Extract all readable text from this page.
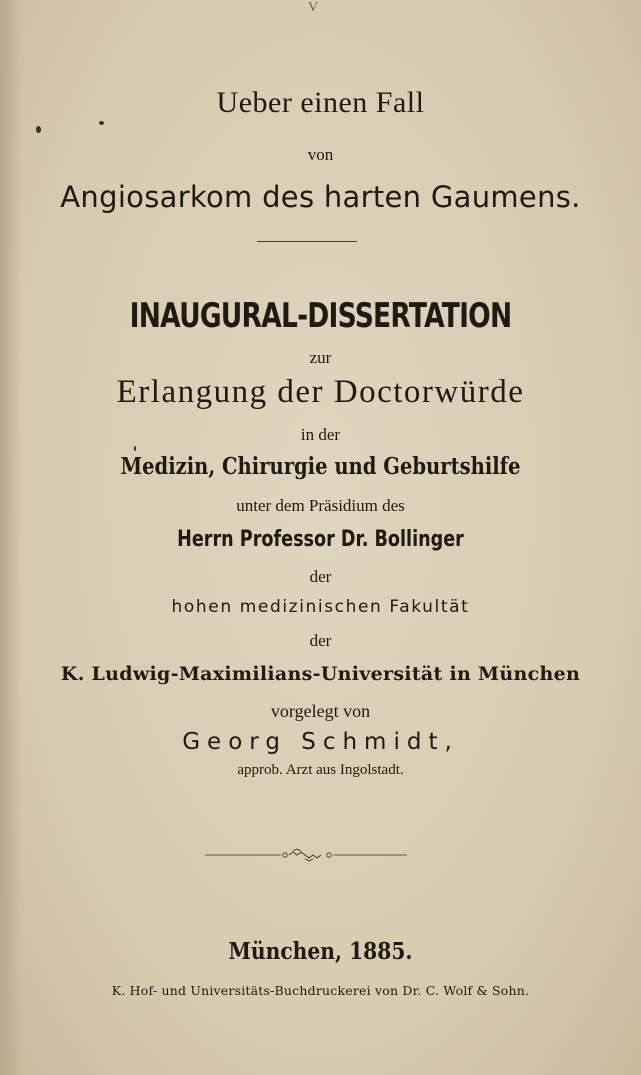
V
Ueber einen Fall
von
Angiosarkom des harten Gaumens.
INAUGURAL-DISSERTATION
zur
Erlangung der Doctorwürde
in der
Medizin, Chirurgie und Geburtshilfe
unter dem Präsidium des
Herrn Professor Dr. Bollinger
der
hohen medizinischen Fakultät
der
K. Ludwig-Maximilians-Universität in München
vorgelegt von
Georg Schmidt,
approb. Arzt aus Ingolstadt.
München, 1885.
K. Hof- und Universitäts-Buchdruckerei von Dr. C. Wolf & Sohn.
